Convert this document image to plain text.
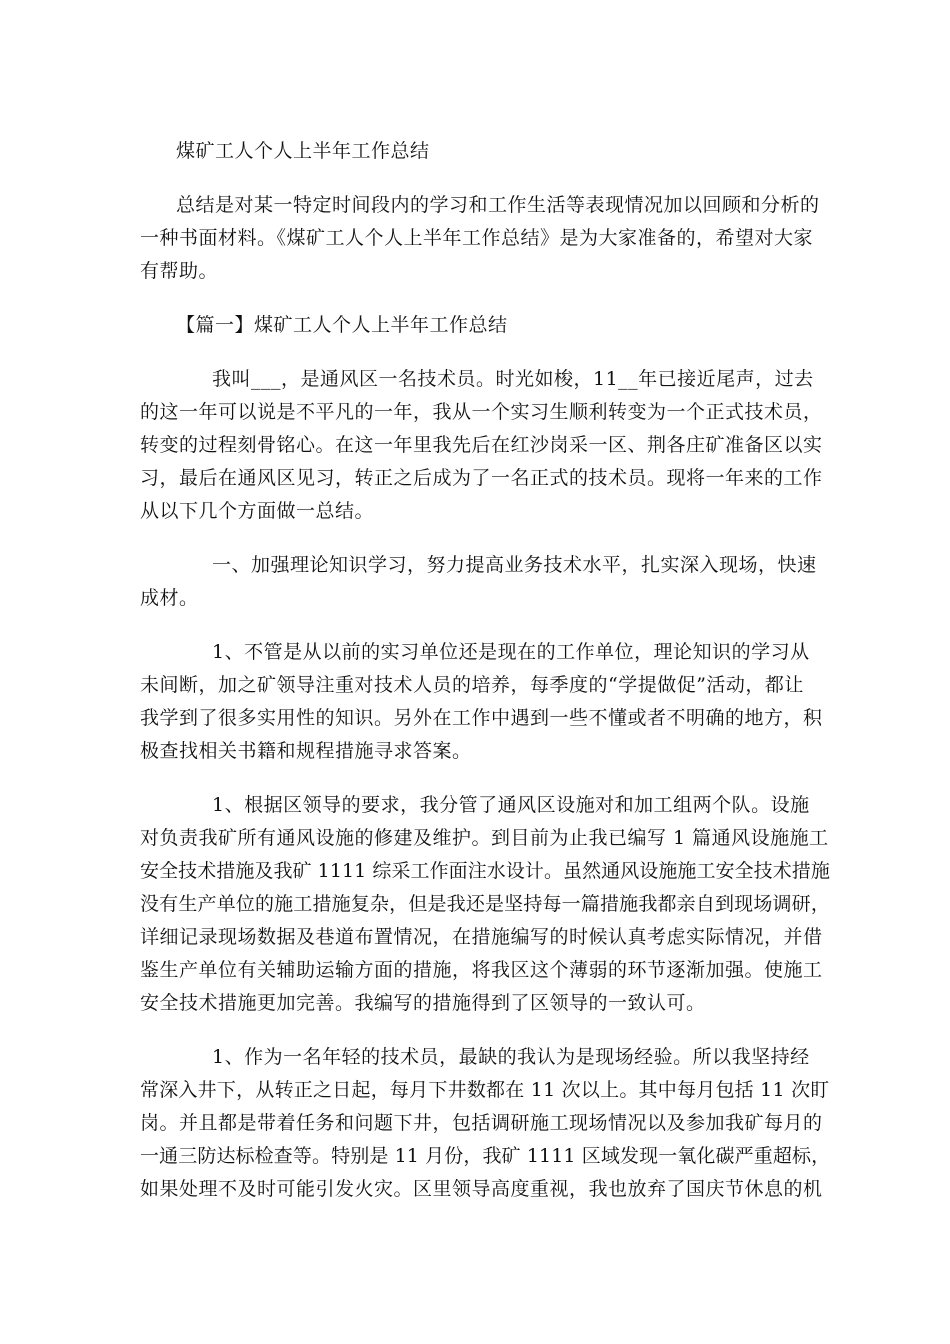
煤矿工人个人上半年工作总结
总结是对某一特定时间段内的学习和工作生活等表现情况加以回顾和分析的
一种书面材料。《煤矿工人个人上半年工作总结》是为大家准备的，希望对大家
有帮助。
【篇一】煤矿工人个人上半年工作总结
我叫___，是通风区一名技术员。时光如梭，11__年已接近尾声，过去
的这一年可以说是不平凡的一年，我从一个实习生顺利转变为一个正式技术员，
转变的过程刻骨铭心。在这一年里我先后在红沙岗采一区、荆各庄矿准备区以实
习，最后在通风区见习，转正之后成为了一名正式的技术员。现将一年来的工作
从以下几个方面做一总结。
一、加强理论知识学习，努力提高业务技术水平，扎实深入现场，快速
成材。
1、不管是从以前的实习单位还是现在的工作单位，理论知识的学习从
未间断，加之矿领导注重对技术人员的培养，每季度的“学提做促”活动，都让
我学到了很多实用性的知识。另外在工作中遇到一些不懂或者不明确的地方，积
极查找相关书籍和规程措施寻求答案。
1、根据区领导的要求，我分管了通风区设施对和加工组两个队。设施
对负责我矿所有通风设施的修建及维护。到目前为止我已编写 1 篇通风设施施工
安全技术措施及我矿 1111 综采工作面注水设计。虽然通风设施施工安全技术措施
没有生产单位的施工措施复杂，但是我还是坚持每一篇措施我都亲自到现场调研，
详细记录现场数据及巷道布置情况，在措施编写的时候认真考虑实际情况，并借
鉴生产单位有关辅助运输方面的措施，将我区这个薄弱的环节逐渐加强。使施工
安全技术措施更加完善。我编写的措施得到了区领导的一致认可。
1、作为一名年轻的技术员，最缺的我认为是现场经验。所以我坚持经
常深入井下，从转正之日起，每月下井数都在 11 次以上。其中每月包括 11 次盯
岗。并且都是带着任务和问题下井，包括调研施工现场情况以及参加我矿每月的
一通三防达标检查等。特别是 11 月份，我矿 1111 区域发现一氧化碳严重超标，
如果处理不及时可能引发火灾。区里领导高度重视，我也放弃了国庆节休息的机
